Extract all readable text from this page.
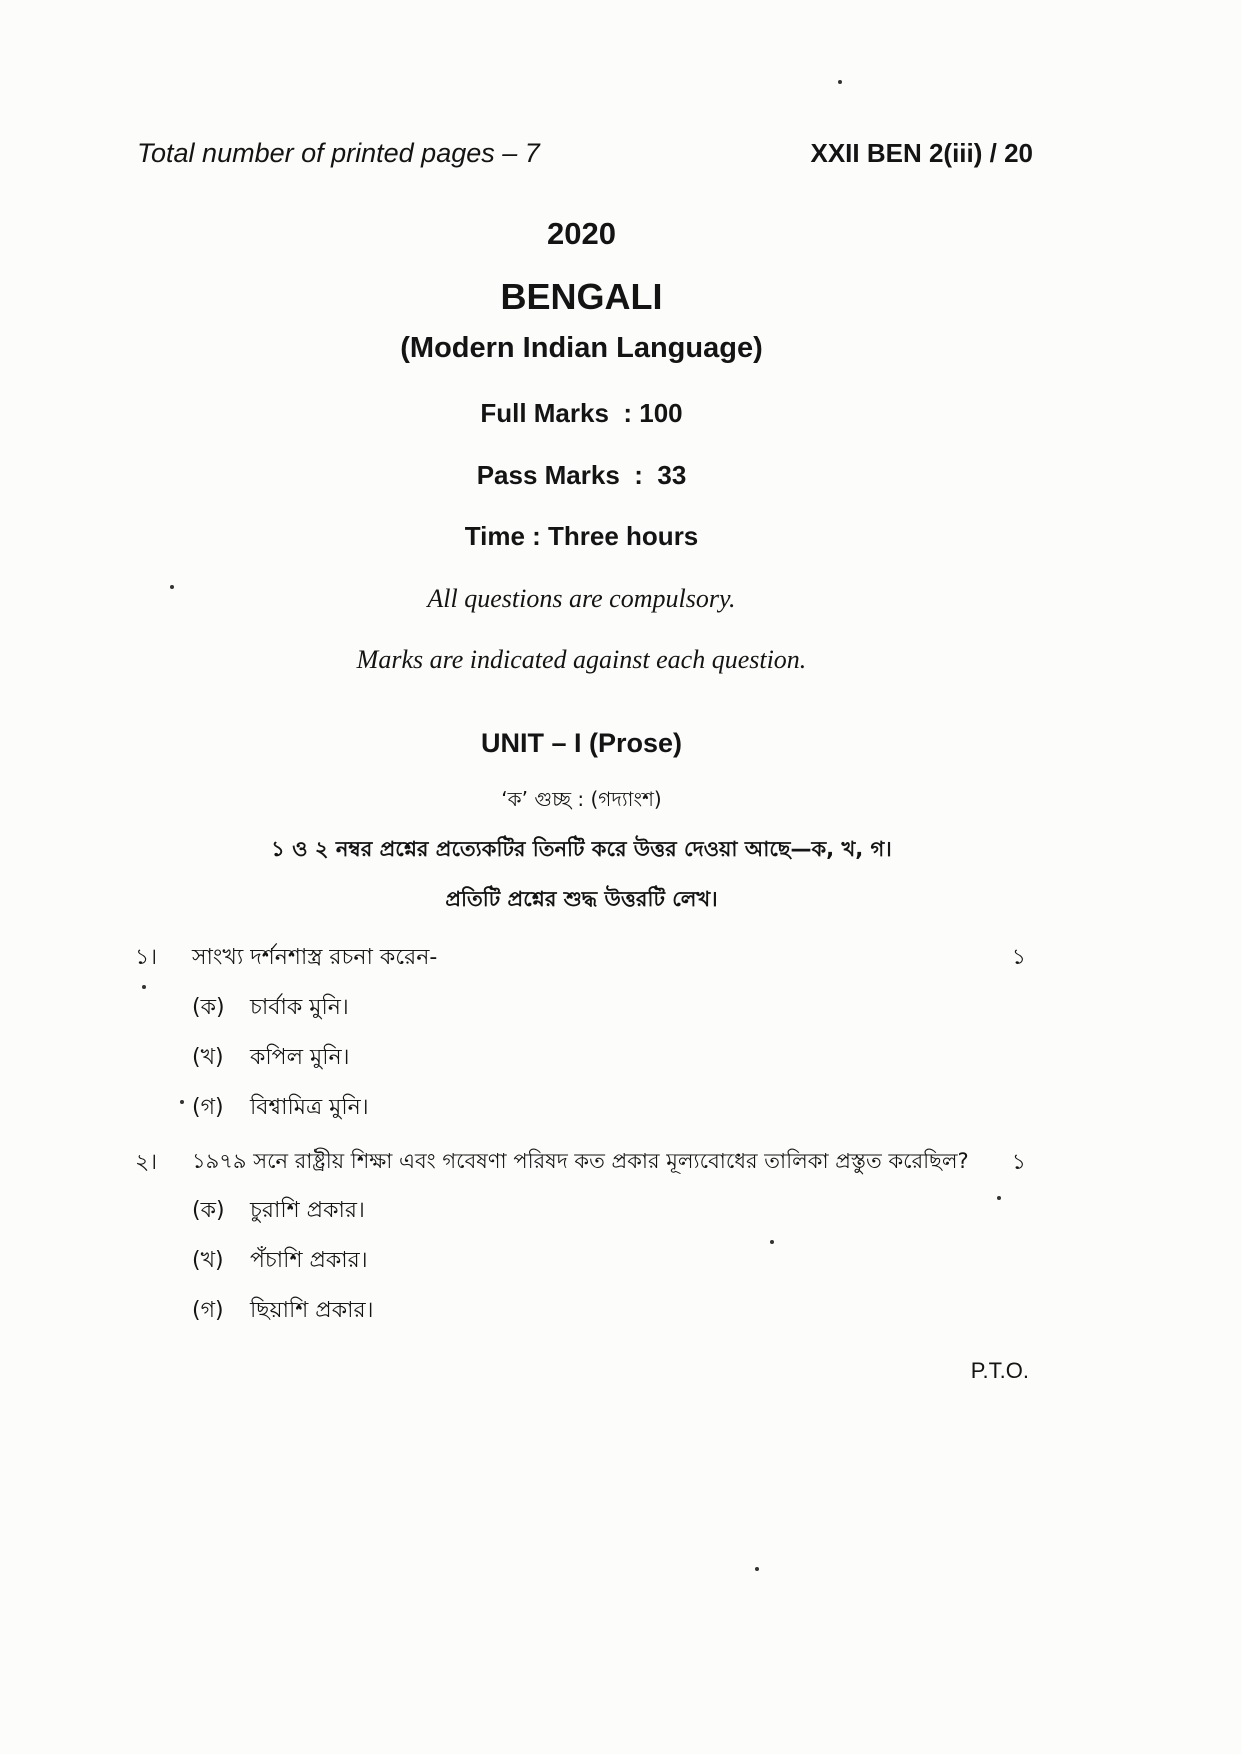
Total number of printed pages – 7	XXII BEN 2(iii) / 20
2020
BENGALI
(Modern Indian Language)
Full Marks  : 100
Pass Marks  :  33
Time : Three hours
All questions are compulsory.
Marks are indicated against each question.
UNIT – I (Prose)
‘ক’ গুচ্ছ : (গদ্যাংশ)
১ ও ২ নম্বর প্রশ্নের প্রত্যেকটির তিনটি করে উত্তর দেওয়া আছে—ক, খ, গ।
প্রতিটি প্রশ্নের শুদ্ধ উত্তরটি লেখ।
১। সাংখ্য দর্শনশাস্ত্র রচনা করেন-	১
(ক) চার্বাক মুনি।
(খ) কপিল মুনি।
(গ) বিশ্বামিত্র মুনি।
২। ১৯৭৯ সনে রাষ্ট্রীয় শিক্ষা এবং গবেষণা পরিষদ কত প্রকার মূল্যবোধের তালিকা প্রস্তুত করেছিল? ১
(ক) চুরাশি প্রকার।
(খ) পঁচাশি প্রকার।
(গ) ছিয়াশি প্রকার।
P.T.O.
